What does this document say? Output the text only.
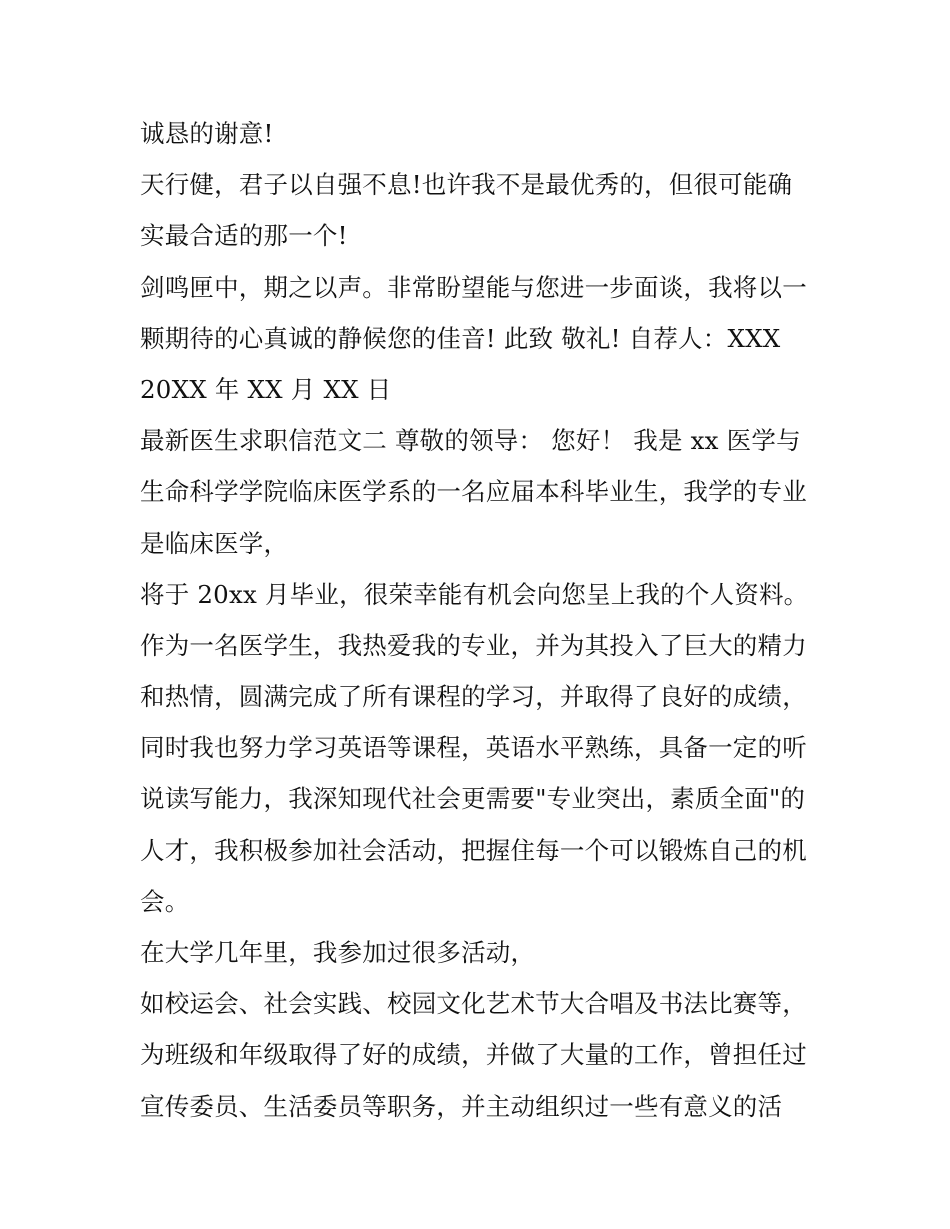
诚恳的谢意!
天行健，君子以自强不息!也许我不是最优秀的，但很可能确
实最合适的那一个!
剑鸣匣中，期之以声。非常盼望能与您进一步面谈，我将以一
颗期待的心真诚的静候您的佳音! 此致 敬礼! 自荐人：XXX
20XX 年 XX 月 XX 日
最新医生求职信范文二 尊敬的领导： 您好！ 我是 xx 医学与
生命科学学院临床医学系的一名应届本科毕业生，我学的专业
是临床医学，
将于 20xx 月毕业，很荣幸能有机会向您呈上我的个人资料。
作为一名医学生，我热爱我的专业，并为其投入了巨大的精力
和热情，圆满完成了所有课程的学习，并取得了良好的成绩，
同时我也努力学习英语等课程，英语水平熟练，具备一定的听
说读写能力，我深知现代社会更需要"专业突出，素质全面"的
人才，我积极参加社会活动，把握住每一个可以锻炼自己的机
会。
在大学几年里，我参加过很多活动，
如校运会、社会实践、校园文化艺术节大合唱及书法比赛等，
为班级和年级取得了好的成绩，并做了大量的工作，曾担任过
宣传委员、生活委员等职务，并主动组织过一些有意义的活
